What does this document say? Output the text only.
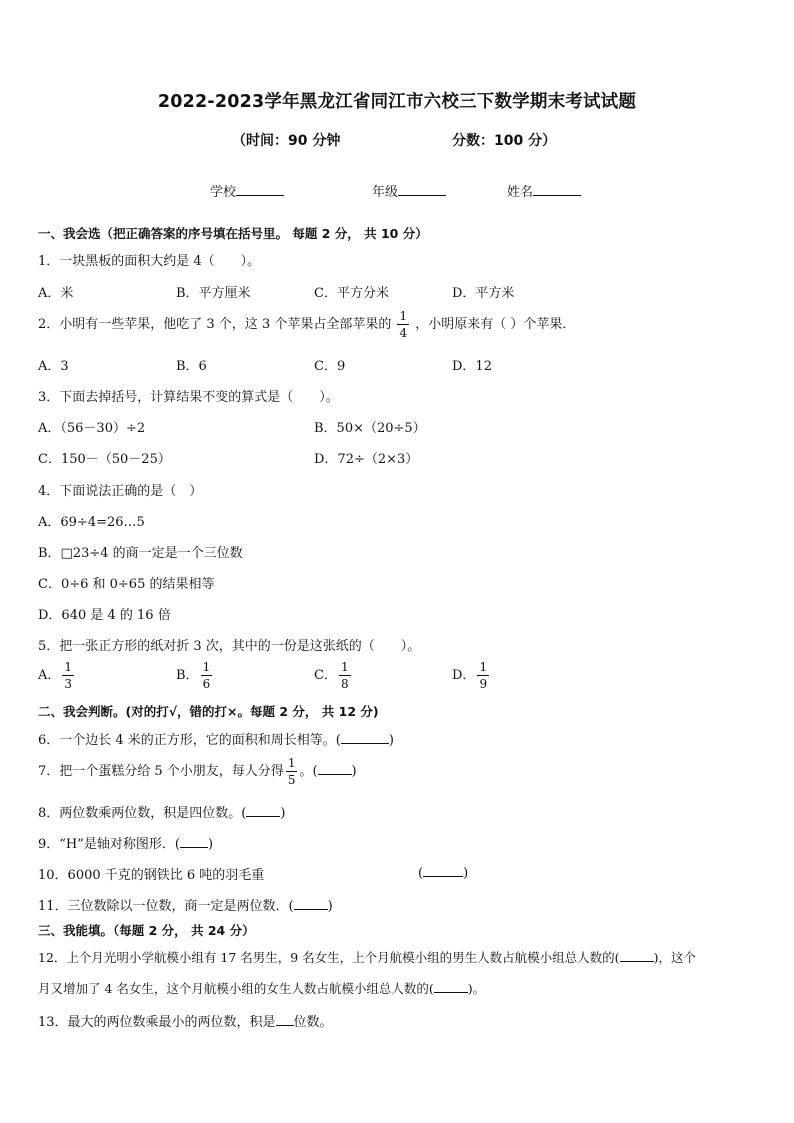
2022-2023学年黑龙江省同江市六校三下数学期末考试试题
（时间：90 分钟	分数：100 分）
学校	年级	姓名
一、我会选（把正确答案的序号填在括号里。 每题 2 分， 共 10 分）
1．一块黑板的面积大约是 4（　　）。
A．米	B．平方厘米	C．平方分米	D．平方米
2．小明有一些苹果，他吃了 3 个，这 3 个苹果占全部苹果的 $\frac{1}{4}$ ，小明原来有（ ）个苹果．
A．3	B．6	C．9	D．12
3．下面去掉括号，计算结果不变的算式是（　　）。
A．（56－30）÷2	B．50×（20÷5）
C．150－（50－25）	D．72÷（2×3）
4．下面说法正确的是（　）
A．69÷4=26…5
B．□23÷4 的商一定是一个三位数
C．0÷6 和 0÷65 的结果相等
D．640 是 4 的 16 倍
5．把一张正方形的纸对折 3 次，其中的一份是这张纸的（　　）。
A． $\frac{1}{3}$	B． $\frac{1}{6}$	C． $\frac{1}{8}$	D． $\frac{1}{9}$
二、我会判断。(对的打√，错的打×。每题 2 分， 共 12 分)
6．一个边长 4 米的正方形，它的面积和周长相等。(	)
7．把一个蛋糕分给 5 个小朋友，每人分得 $\frac{1}{5}$ 。(	)
8．两位数乘两位数，积是四位数。(	)
9．“H”是轴对称图形．( )
10．6000 千克的钢铁比 6 吨的羽毛重	(	)
11．三位数除以一位数，商一定是两位数．(	)
三、我能填。（每题 2 分， 共 24 分）
12．上个月光明小学航模小组有 17 名男生，9 名女生，上个月航模小组的男生人数占航模小组总人数的(	)，这个
月又增加了 4 名女生，这个月航模小组的女生人数占航模小组总人数的(	)。
13．最大的两位数乘最小的两位数，积是 位数。
